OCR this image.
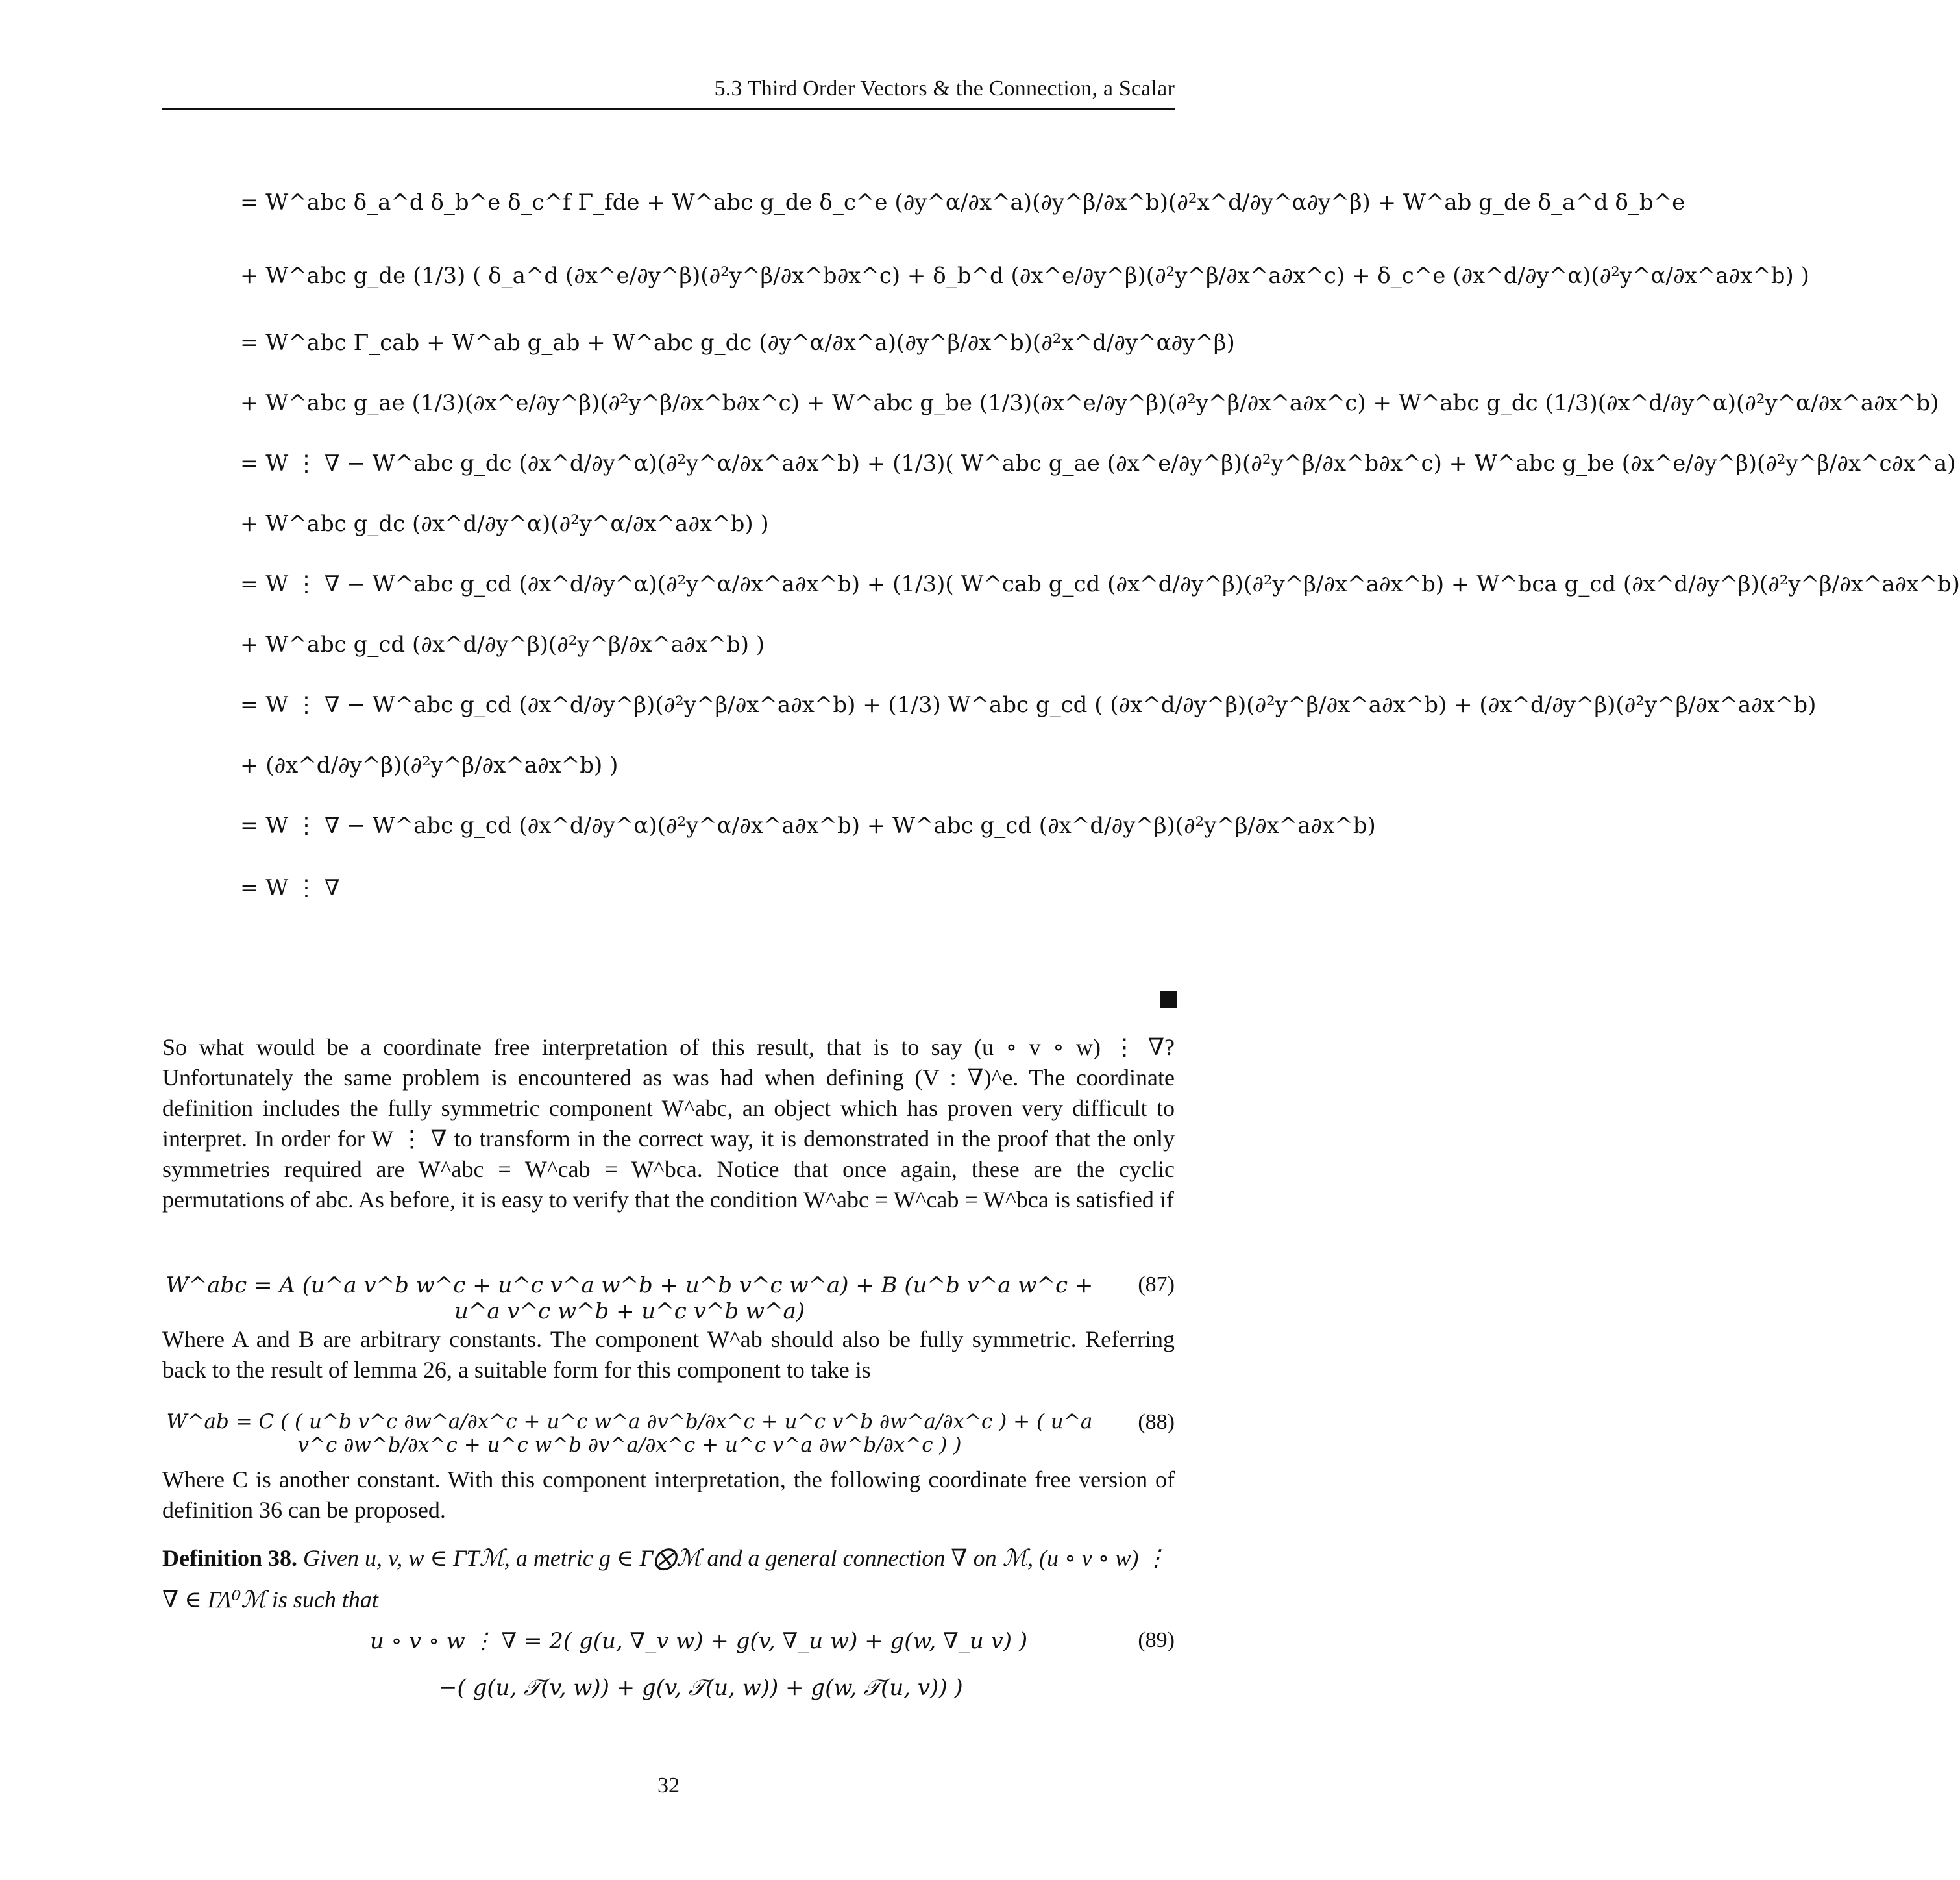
5.3 Third Order Vectors & the Connection, a Scalar
= W^abc δ_a^d δ_b^e δ_c^f Γ_fde + W^abc g_de δ_c^e (∂y^α/∂x^a)(∂y^β/∂x^b)(∂²x^d/∂y^α∂y^β) + W^ab g_de δ_a^d δ_b^e
+ W^abc g_de (1/3) ( δ_a^d (∂x^e/∂y^β)(∂²y^β/∂x^b∂x^c) + δ_b^d (∂x^e/∂y^β)(∂²y^β/∂x^a∂x^c) + δ_c^e (∂x^d/∂y^α)(∂²y^α/∂x^a∂x^b) )
= W^abc Γ_cab + W^ab g_ab + W^abc g_dc (∂y^α/∂x^a)(∂y^β/∂x^b)(∂²x^d/∂y^α∂y^β)
+ W^abc g_ae (1/3)(∂x^e/∂y^β)(∂²y^β/∂x^b∂x^c) + W^abc g_be (1/3)(∂x^e/∂y^β)(∂²y^β/∂x^a∂x^c) + W^abc g_dc (1/3)(∂x^d/∂y^α)(∂²y^α/∂x^a∂x^b)
= W ⋮ ∇ − W^abc g_dc (∂x^d/∂y^α)(∂²y^α/∂x^a∂x^b) + (1/3)( W^abc g_ae (∂x^e/∂y^β)(∂²y^β/∂x^b∂x^c) + W^abc g_be (∂x^e/∂y^β)(∂²y^β/∂x^c∂x^a)
+ W^abc g_dc (∂x^d/∂y^α)(∂²y^α/∂x^a∂x^b) )
= W ⋮ ∇ − W^abc g_cd (∂x^d/∂y^α)(∂²y^α/∂x^a∂x^b) + (1/3)( W^cab g_cd (∂x^d/∂y^β)(∂²y^β/∂x^a∂x^b) + W^bca g_cd (∂x^d/∂y^β)(∂²y^β/∂x^a∂x^b)
+ W^abc g_cd (∂x^d/∂y^β)(∂²y^β/∂x^a∂x^b) )
= W ⋮ ∇ − W^abc g_cd (∂x^d/∂y^β)(∂²y^β/∂x^a∂x^b) + (1/3) W^abc g_cd ( (∂x^d/∂y^β)(∂²y^β/∂x^a∂x^b) + (∂x^d/∂y^β)(∂²y^β/∂x^a∂x^b)
+ (∂x^d/∂y^β)(∂²y^β/∂x^a∂x^b) )
= W ⋮ ∇ − W^abc g_cd (∂x^d/∂y^α)(∂²y^α/∂x^a∂x^b) + W^abc g_cd (∂x^d/∂y^β)(∂²y^β/∂x^a∂x^b)
= W ⋮ ∇
So what would be a coordinate free interpretation of this result, that is to say (u ∘ v ∘ w) ⋮ ∇? Unfortunately the same problem is encountered as was had when defining (V : ∇)^e. The coordinate definition includes the fully symmetric component W^abc, an object which has proven very difficult to interpret. In order for W ⋮ ∇ to transform in the correct way, it is demonstrated in the proof that the only symmetries required are W^abc = W^cab = W^bca. Notice that once again, these are the cyclic permutations of abc. As before, it is easy to verify that the condition W^abc = W^cab = W^bca is satisfied if
W^abc = A (u^a v^b w^c + u^c v^a w^b + u^b v^c w^a) + B (u^b v^a w^c + u^a v^c w^b + u^c v^b w^a)
(87)
Where A and B are arbitrary constants. The component W^ab should also be fully symmetric. Referring back to the result of lemma 26, a suitable form for this component to take is
W^ab = C ( ( u^b v^c ∂w^a/∂x^c + u^c w^a ∂v^b/∂x^c + u^c v^b ∂w^a/∂x^c ) + ( u^a v^c ∂w^b/∂x^c + u^c w^b ∂v^a/∂x^c + u^c v^a ∂w^b/∂x^c ) )
(88)
Where C is another constant. With this component interpretation, the following coordinate free version of definition 36 can be proposed.
Definition 38. Given u, v, w ∈ ΓTℳ, a metric g ∈ Γ⨂ℳ and a general connection ∇ on ℳ, (u ∘ v ∘ w) ⋮ ∇ ∈ ΓΛ⁰ℳ is such that
u ∘ v ∘ w ⋮ ∇ = 2( g(u, ∇_v w) + g(v, ∇_u w) + g(w, ∇_u v) )
−( g(u, 𝒯(v, w)) + g(v, 𝒯(u, w)) + g(w, 𝒯(u, v)) )
(89)
32
